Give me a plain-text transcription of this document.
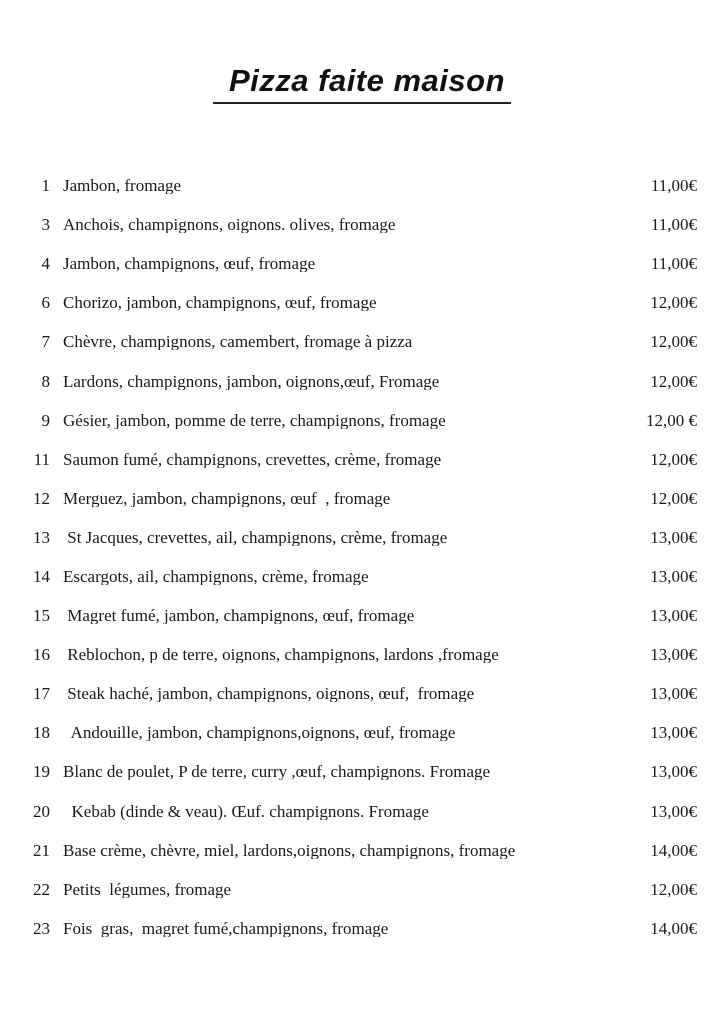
Pizza faite maison
1 Jambon, fromage	11,00€
3 Anchois, champignons, oignons. olives, fromage	11,00€
4 Jambon, champignons, œuf, fromage	11,00€
6 Chorizo, jambon, champignons, œuf, fromage	12,00€
7 Chèvre, champignons, camembert, fromage à pizza	12,00€
8 Lardons, champignons, jambon, oignons,œuf, Fromage	12,00€
9 Gésier, jambon, pomme de terre, champignons, fromage	12,00 €
11 Saumon fumé, champignons, crevettes, crème, fromage	12,00€
12 Merguez, jambon, champignons, œuf  , fromage	12,00€
13 St Jacques, crevettes, ail, champignons, crème, fromage	13,00€
14 Escargots, ail, champignons, crème, fromage	13,00€
15 Magret fumé, jambon, champignons, œuf, fromage	13,00€
16 Reblochon, p de terre, oignons, champignons, lardons ,fromage	13,00€
17 Steak haché, jambon, champignons, oignons, œuf,  fromage	13,00€
18 Andouille, jambon, champignons,oignons, œuf, fromage	13,00€
19 Blanc de poulet, P de terre, curry ,œuf, champignons. Fromage	13,00€
20 Kebab (dinde & veau). Œuf. champignons. Fromage	13,00€
21 Base crème, chèvre, miel, lardons,oignons, champignons, fromage	14,00€
22 Petits  légumes, fromage	12,00€
23 Fois  gras,  magret fumé,champignons, fromage	14,00€
